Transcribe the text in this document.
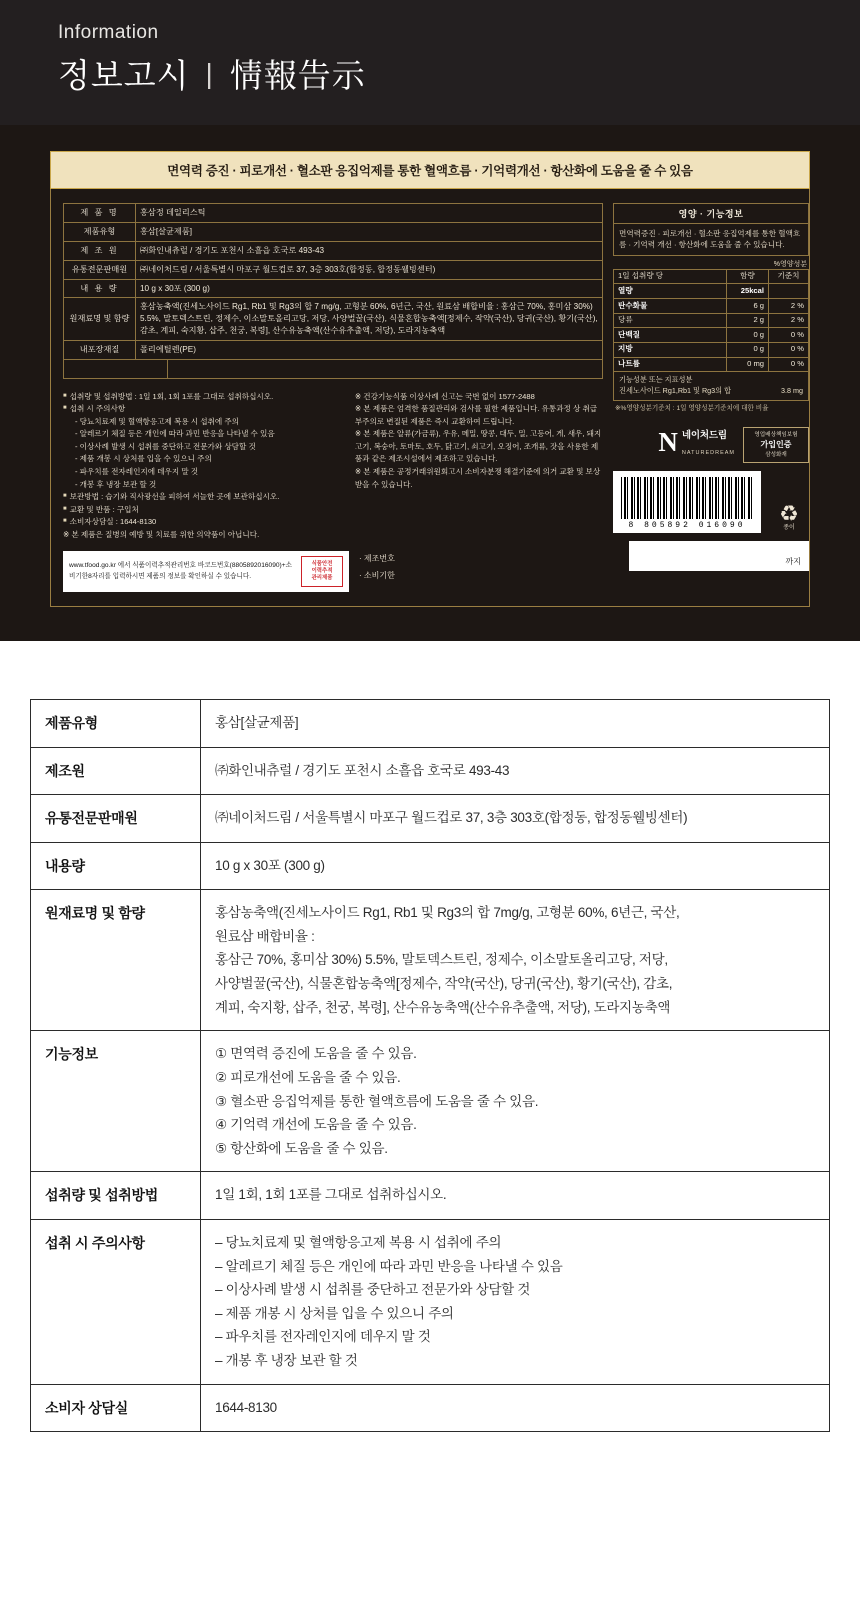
Information
정보고시 | 情報告示
면역력 증진 · 피로개선 · 혈소판 응집억제를 통한 혈액흐름 · 기억력개선 · 항산화에 도움을 줄 수 있음
제 품 명	홍삼정 데일리스틱
제품유형	홍삼[살균제품]
제 조 원	㈜화인내츄럴 / 경기도 포천시 소흘읍 호국로 493-43
유통전문판매원	㈜네이처드림 / 서울특별시 마포구 월드컵로 37, 3층 303호(합정동, 합정동웰빙센터)
내 용 량	10 g x 30포 (300 g)
원재료명 및 함량	홍삼농축액(진세노사이드 Rg1, Rb1 및 Rg3의 합 7 mg/g, 고형분 60%, 6년근, 국산, 원료삼 배합비율 : 홍삼근 70%, 홍미삼 30%) 5.5%, 말토덱스트린, 정제수, 이소말토올리고당, 저당, 사양벌꿀(국산), 식물혼합농축액[정제수, 작약(국산), 당귀(국산), 황기(국산), 감초, 계피, 숙지황, 삽주, 천궁, 복령], 산수유농축액(산수유추출액, 저당), 도라지농축액
내포장재질	폴리에틸렌(PE)

■ 섭취량 및 섭취방법 : 1일 1회, 1회 1포를 그대로 섭취하십시오.
■ 섭취 시 주의사항
- 당뇨치료제 및 혈액항응고제 복용 시 섭취에 주의
- 알레르기 체질 등은 개인에 따라 과민 반응을 나타낼 수 있음
- 이상사례 발생 시 섭취를 중단하고 전문가와 상담할 것
- 제품 개봉 시 상처를 입을 수 있으니 주의
- 파우치를 전자레인지에 데우지 말 것
- 개봉 후 냉장 보관 할 것
■ 보관방법 : 습기와 직사광선을 피하여 서늘한 곳에 보관하십시오.
■ 교환 및 반품 : 구입처
■ 소비자상담실 : 1644-8130
※ 본 제품은 질병의 예방 및 치료를 위한 의약품이 아닙니다.
※ 건강기능식품 이상사례 신고는 국번 없이 1577-2488
※ 본 제품은 엄격한 품질관리와 검사를 필한 제품입니다. 유통과정 상 취급 부주의로 변질된 제품은 즉시 교환하여 드립니다.
※ 본 제품은 알류(가금류), 우유, 메밀, 땅콩, 대두, 밀, 고등어, 게, 새우, 돼지고기, 복숭아, 토마토, 호두, 닭고기, 쇠고기, 오징어, 조개류, 잣을 사용한 제품과 같은 제조시설에서 제조하고 있습니다.
※ 본 제품은 공정거래위원회고시 소비자분쟁 해결기준에 의거 교환 및 보상 받을 수 있습니다.
www.tfood.go.kr 에서 식품이력추적관리번호 바코드번호(8805892016090)+소비기한8자리를 입력하시면 제품의 정보를 확인하실 수 있습니다.
식품안전
이력추적
관리제품
· 제조번호
· 소비기한
영양 · 기능정보
면역력증진 · 피로개선 · 혈소판 응집억제를 통한 혈액흐름 · 기억력 개선 · 항산화에 도움을 줄 수 있습니다.
%영양성분
1일 섭취량 당	함량	기준치
열량	25kcal	
탄수화물	6 g	2 %
당류	2 g	2 %
단백질	0 g	0 %
지방	0 g	0 %
나트륨	0 mg	0 %
기능성분 또는 지표성분
진세노사이드 Rg1,Rb1 및 Rg3의 합	3.8 mg
※%영양성분기준치 : 1일 영양성분기준치에 대한 비율
N 네이처드림
NATUREDREAM
영업배상책임보험
가입인증
삼성화재
8 805892 016090	♻
종이
까지
제품유형	홍삼[살균제품]

제조원	㈜화인내츄럴 / 경기도 포천시 소흘읍 호국로 493-43

유통전문판매원	㈜네이처드림 / 서울특별시 마포구 월드컵로 37, 3층 303호(합정동, 합정동웰빙센터)

내용량	10 g x 30포 (300 g)

원재료명 및 함량	홍삼농축액(진세노사이드 Rg1, Rb1 및 Rg3의 합 7mg/g, 고형분 60%, 6년근, 국산,
원료삼 배합비율 :
홍삼근 70%, 홍미삼 30%) 5.5%, 말토덱스트린, 정제수, 이소말토올리고당, 저당,
사양벌꿀(국산), 식물혼합농축액[정제수, 작약(국산), 당귀(국산), 황기(국산), 감초,
계피, 숙지황, 삽주, 천궁, 복령], 산수유농축액(산수유추출액, 저당), 도라지농축액

기능정보	① 면역력 증진에 도움을 줄 수 있음.
② 피로개선에 도움을 줄 수 있음.
③ 혈소판 응집억제를 통한 혈액흐름에 도움을 줄 수 있음.
④ 기억력 개선에 도움을 줄 수 있음.
⑤ 항산화에 도움을 줄 수 있음.

섭취량 및 섭취방법	1일 1회, 1회 1포를 그대로 섭취하십시오.

섭취 시 주의사항	– 당뇨치료제 및 혈액항응고제 복용 시 섭취에 주의
– 알레르기 체질 등은 개인에 따라 과민 반응을 나타낼 수 있음
– 이상사례 발생 시 섭취를 중단하고 전문가와 상담할 것
– 제품 개봉 시 상처를 입을 수 있으니 주의
– 파우치를 전자레인지에 데우지 말 것
– 개봉 후 냉장 보관 할 것

소비자 상담실	1644-8130
